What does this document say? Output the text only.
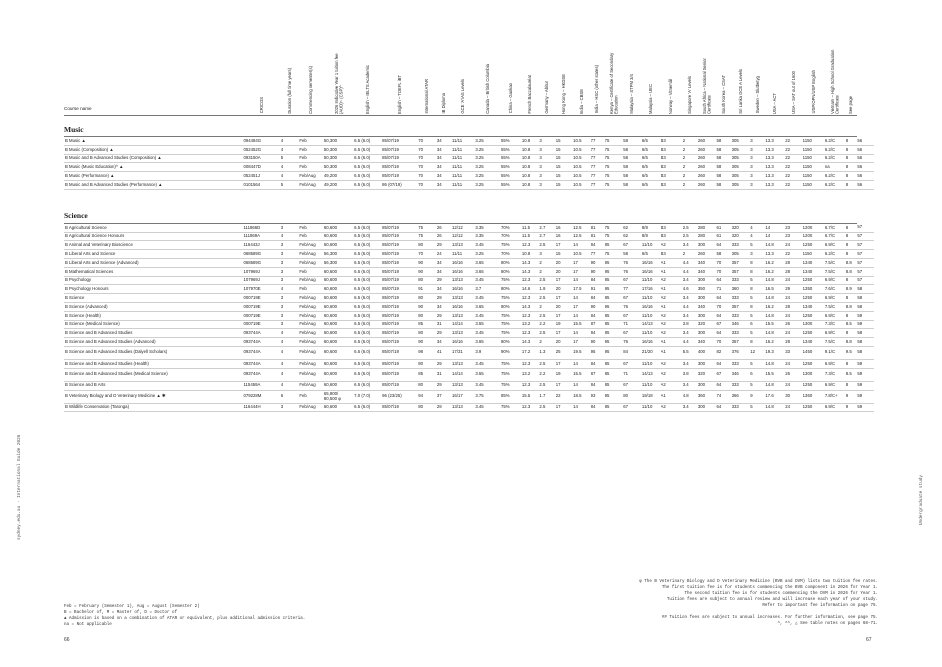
Course name	CRICOS	Duration (full time years)	Commencing semester(s)	2026 Indicative Year 1 tuition fee (AUD)~ (CSP)^	English – IELTS Academic	English – TOEFL iBT	International ATAR	IB Diploma	GCE 'A'/AS Levels	Canada – British Columbia	China – Gaokao	French Baccalauréat	Germany – Abitur	Hong Kong – HKDSE	India – CBSE	India – HSC (other states)	Kenya – Certificate of Secondary Education	Malaysia – STPM 3/4	Malaysia – UEC	Norway – Vitnemål	Singapore 'A' Levels	South Africa – National Senior Certificate	South Korea – CSAT	Sri Lanka GCE A Levels	Sweden – Slutbetyg	USA – ACT	USA – SAT out of 1600	USP/OPN/USP English	Vietnam – High School Graduation Certificate	See page	
Music																															
B Music ▲	094484G	4	Feb	50,300	6.5 (6.0)	85/07/19	70	34	11/11	3.25	55%	10.8	3	15	10.5	77	75	58	6/5	B3	2	260	58	305	3	13.3	22	1150	6.2/C	8	56
B Music (Composition) ▲	052452G	4	Feb	50,300	6.5 (6.0)	85/07/19	70	34	11/11	3.25	55%	10.8	3	15	10.5	77	75	58	6/5	B3	2	260	58	305	3	13.3	22	1150	6.2/C	8	56
B Music and B Advanced Studies (Composition) ▲	093150A	5	Feb	50,300	6.5 (6.0)	85/07/19	70	34	11/11	3.25	55%	10.8	3	15	10.5	77	75	58	6/5	B3	2	260	58	305	3	13.3	22	1150	6.2/C	8	56
B Music (Music Education)^ ▲	008447D	4	Feb	50,300	6.5 (6.0)	85/07/19	70	34	11/11	3.25	55%	10.8	3	15	10.5	77	75	58	6/5	B3	2	260	58	305	3	13.3	22	1150	na	8	56
B Music (Performance) ▲	052451J	4	Feb/Aug	49,200	6.5 (6.0)	85/07/19	70	34	11/11	3.25	55%	10.8	3	15	10.5	77	75	58	6/5	B3	2	260	58	305	3	13.3	22	1150	6.2/C	8	56
B Music and B Advanced Studies (Performance) ▲	0101564	5	Feb/Aug	49,200	6.5 (6.0)	86 (07/19)	70	34	11/11	3.25	55%	10.8	3	15	10.5	77	75	58	6/5	B3	2	260	58	305	3	13.3	22	1150	6.2/C	8	56

Science																															
B Agricultural Science	111866D	3	Feb	60,600	6.5 (6.0)	85/07/19	75	26	12/12	3.35	70%	11.5	2.7	16	12.5	81	75	62	8/8	B3	2.5	280	61	320	4	14	23	1200	6.7/C	8	57
B Agricultural Science Honours	111869A	4	Feb	60,600	6.5 (6.0)	85/07/19	75	26	12/12	3.35	70%	11.5	2.7	16	12.5	81	75	62	8/8	B3	2.5	280	61	320	4	14	23	1200	6.7/C	8	57
B Animal and Veterinary Bioscience	116443J	3	Feb/Aug	60,600	6.5 (6.0)	85/07/19	80	29	13/13	3.45	75%	12.3	2.5	17	14	84	85	67	11/10	A2	3.4	300	64	333	5	14.8	24	1250	6.9/C	8	57
B Liberal Arts and Science	068589G	3	Feb/Aug	56,300	6.5 (6.0)	85/07/19	70	24	11/11	3.25	70%	10.8	3	15	10.5	77	75	58	6/5	B3	2	260	58	305	3	13.3	22	1150	6.2/C	8	57
B Liberal Arts and Science (Advanced)	068589G	3	Feb/Aug	56,300	6.5 (6.0)	85/07/19	90	34	16/16	3.65	80%	14.3	2	20	17	90	95	76	16/16	A1	4.4	340	70	357	8	16.2	28	1340	7.5/C	8.8	57
B Mathematical Sciences	107969J	3	Feb	60,600	6.5 (6.0)	85/07/19	90	34	16/16	3.65	80%	14.3	2	20	17	90	95	76	16/16	A1	4.4	340	70	357	8	16.2	28	1340	7.5/C	8.8	57
B Psychology	107969J	3	Feb/Aug	60,600	6.5 (6.0)	85/07/19	80	29	13/13	3.45	75%	12.3	2.5	17	14	84	85	67	11/10	A2	3.4	300	64	333	5	14.8	24	1250	6.9/C	8	57
B Psychology Honours	107970E	4	Feb	60,600	6.5 (6.0)	85/07/19	91	34	16/16	3.7	80%	14.6	1.9	20	17.5	91	95	77	17/16	A1	4.6	350	71	360	8	16.5	29	1350	7.6/C	8.9	58
B Science	000719E	3	Feb/Aug	60,600	6.5 (6.0)	85/07/19	80	29	13/13	3.45	75%	12.3	2.5	17	14	84	85	67	11/10	A2	3.4	300	64	333	5	14.8	24	1250	6.9/C	8	58
B Science (Advanced)	000719E	3	Feb/Aug	60,600	6.5 (6.0)	85/07/19	90	34	16/16	3.65	80%	14.3	2	20	17	90	95	76	16/16	A1	4.4	340	70	357	8	16.2	28	1340	7.5/C	8.8	58
B Science (Health)	000719E	3	Feb/Aug	60,600	6.5 (6.0)	85/07/19	80	29	13/13	3.45	75%	12.3	2.5	17	14	84	85	67	11/10	A2	3.4	300	64	333	5	14.8	24	1250	6.9/C	8	59
B Science (Medical Science)	000719E	3	Feb/Aug	60,600	6.5 (6.0)	85/07/19	85	31	14/14	3.55	75%	13.2	2.2	19	15.5	87	85	71	14/13	A2	3.8	320	67	346	6	15.5	26	1300	7.3/C	8.5	59
B Science and B Advanced Studies	093744A	4	Feb/Aug	60,600	6.5 (6.0)	85/07/19	80	29	13/13	3.45	75%	12.3	2.5	17	14	84	85	67	11/10	A2	3.4	300	64	333	5	14.8	24	1250	6.9/C	8	58
B Science and B Advanced Studies (Advanced)	093744A	4	Feb/Aug	60,600	6.5 (6.0)	85/07/19	90	34	16/16	3.65	80%	14.3	2	20	17	90	95	76	16/16	A1	4.4	340	70	357	8	16.2	28	1340	7.5/C	8.8	58
B Science and B Advanced Studies (Dalyell Scholars)	093744A	4	Feb/Aug	60,600	6.5 (6.0)	85/07/19	98	41	17/31	3.9	90%	17.2	1.3	25	19.5	95	95	84	21/20	A1	5.5	400	82	376	12	19.3	33	1450	9.1/C	9.5	58
B Science and B Advanced Studies (Health)	093744A	4	Feb/Aug	60,600	6.5 (6.0)	85/07/19	80	29	13/13	3.45	75%	12.3	2.5	17	14	84	85	67	11/10	A2	3.4	300	64	333	5	14.8	24	1250	6.9/C	8	59
B Science and B Advanced Studies (Medical Science)	093744A	4	Feb/Aug	60,600	6.5 (6.0)	85/07/19	85	31	14/14	3.55	75%	13.2	2.2	19	15.5	87	85	71	14/13	A2	3.8	320	67	346	6	15.5	26	1300	7.3/C	8.5	59
B Science and B Arts	115459A	4	Feb/Aug	60,600	6.5 (6.0)	85/07/19	80	29	13/13	3.45	75%	12.3	2.5	17	14	84	85	67	11/10	A2	3.4	300	64	333	5	14.8	24	1250	6.9/C	8	59
B Veterinary Biology and D Veterinary Medicine ▲ ✱	079228M	6	Feb	65,900/
80,500 φ	7.0 (7.0)	96 (23/25)	94	37	16/17	3.75	85%	15.5	1.7	22	18.5	93	95	80	19/18	A1	4.8	360	74	366	9	17.6	30	1360	7.8/C+	9	59
B Wildlife Conservation (Taronga)	116444H	3	Feb/Aug	60,600	6.5 (6.0)	85/07/19	80	29	13/13	3.45	75%	12.3	2.5	17	14	84	85	67	11/10	A2	3.4	300	64	333	5	14.8	24	1250	6.9/C	9	59
sydney.edu.au · International Guide 2026	Undergraduate study
Feb = February (Semester 1), Aug = August (Semester 2)
B = Bachelor of, M = Master of, D = Doctor of
▲ Admission is based on a combination of ATAR or equivalent, plus additional admission criteria.
na = Not applicable

φ The B Veterinary Biology and D Veterinary Medicine (BVB and DVM) lists two tuition fee rates.

The first tuition fee is for students commencing the BVB component in 2026 for Year 1.

The second tuition fee is for students commencing the DVM in 2026 for Year 1.

Tuition fees are subject to annual review and will increase each year of your study.

Refer to important fee information on page 75.

## Tuition fees are subject to annual increases. For further information, see page 75.

^, ^^, △ See table notes on pages 68–71.

66	67
